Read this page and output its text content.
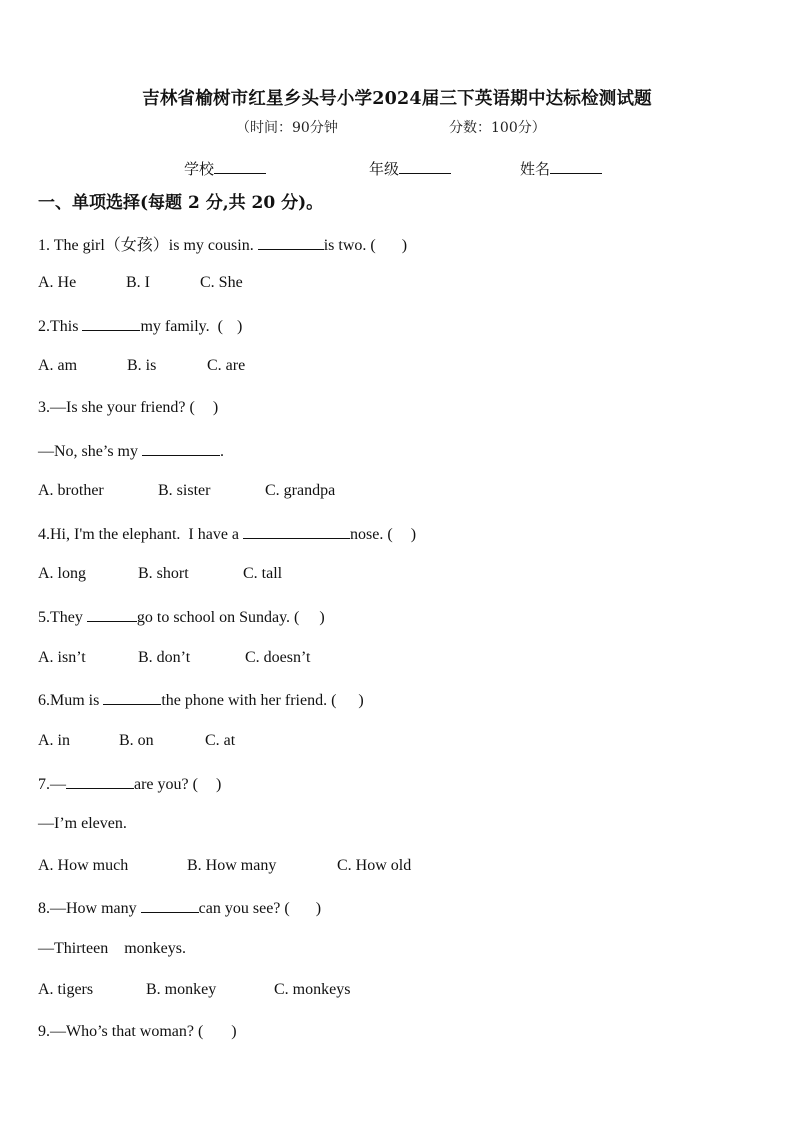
吉林省榆树市红星乡头号小学2024届三下英语期中达标检测试题
（时间：90分钟	分数：100分）
学校	年级	姓名
一、单项选择(每题 2 分,共 20 分)。
1. The girl（女孩）is my cousin.	is two. ( )
A. He	B. I	C. She
2.This	my family.  ( )
A. am	B. is	C. are
3.—Is she your friend? ( )
—No, she’s my	.
A. brother	B. sister	C. grandpa
4.Hi, I'm the elephant.  I have a	nose. ( )
A. long	B. short	C. tall
5.They	go to school on Sunday. ( )
A. isn’t	B. don’t	C. doesn’t
6.Mum is	the phone with her friend. ( )
A. in	B. on	C. at
7.—	are you? ( )
—I’m eleven.
A. How much	B. How many	C. How old
8.—How many	can you see? ( )
—Thirteen    monkeys.
A. tigers	B. monkey	C. monkeys
9.—Who’s that woman? ( )
